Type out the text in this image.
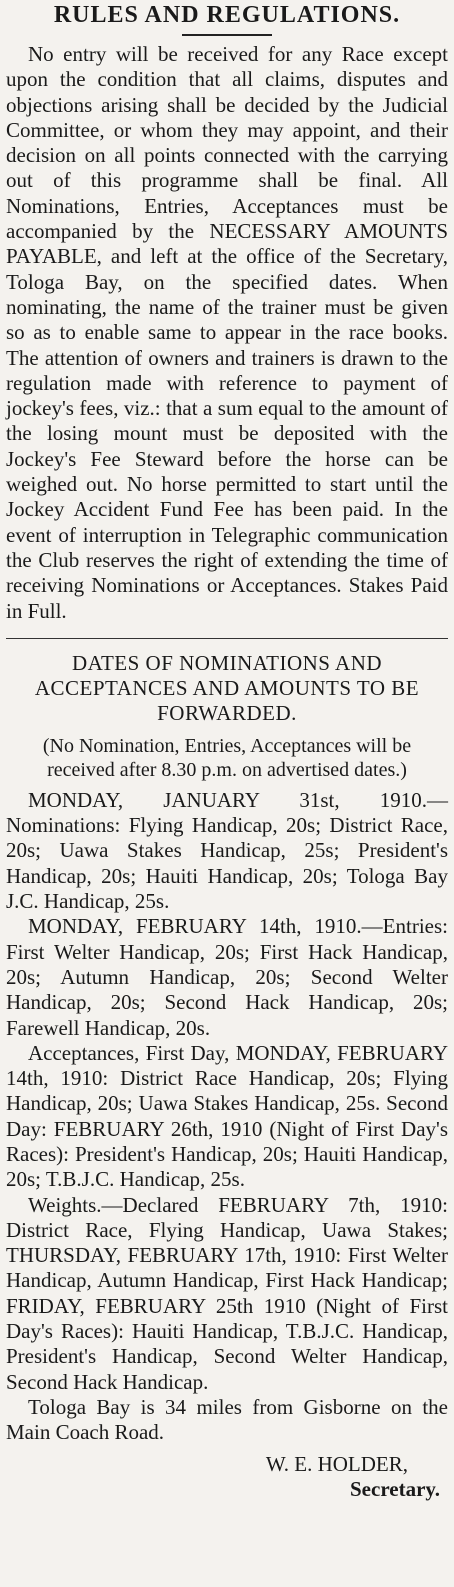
RULES AND REGULATIONS.

No entry will be received for any Race except upon the condition that all claims, disputes and objections arising shall be decided by the Judicial Committee, or whom they may appoint, and their decision on all points connected with the carrying out of this programme shall be final. All Nominations, Entries, Acceptances must be accompanied by the NECESSARY AMOUNTS PAYABLE, and left at the office of the Secretary, Tologa Bay, on the specified dates. When nominating, the name of the trainer must be given so as to enable same to appear in the race books. The attention of owners and trainers is drawn to the regulation made with reference to payment of jockey's fees, viz.: that a sum equal to the amount of the losing mount must be deposited with the Jockey's Fee Steward before the horse can be weighed out. No horse permitted to start until the Jockey Accident Fund Fee has been paid. In the event of interruption in Telegraphic communication the Club reserves the right of extending the time of receiving Nominations or Acceptances. Stakes Paid in Full.

DATES OF NOMINATIONS AND ACCEPTANCES AND AMOUNTS TO BE FORWARDED.

(No Nomination, Entries, Acceptances will be received after 8.30 p.m. on advertised dates.)

MONDAY, JANUARY 31st, 1910.—Nominations: Flying Handicap, 20s; District Race, 20s; Uawa Stakes Handicap, 25s; President's Handicap, 20s; Hauiti Handicap, 20s; Tologa Bay J.C. Handicap, 25s.

MONDAY, FEBRUARY 14th, 1910.—Entries: First Welter Handicap, 20s; First Hack Handicap, 20s; Autumn Handicap, 20s; Second Welter Handicap, 20s; Second Hack Handicap, 20s; Farewell Handicap, 20s.

Acceptances, First Day, MONDAY, FEBRUARY 14th, 1910: District Race Handicap, 20s; Flying Handicap, 20s; Uawa Stakes Handicap, 25s. Second Day: FEBRUARY 26th, 1910 (Night of First Day's Races): President's Handicap, 20s; Hauiti Handicap, 20s; T.B.J.C. Handicap, 25s.

Weights.—Declared FEBRUARY 7th, 1910: District Race, Flying Handicap, Uawa Stakes; THURSDAY, FEBRUARY 17th, 1910: First Welter Handicap, Autumn Handicap, First Hack Handicap; FRIDAY, FEBRUARY 25th 1910 (Night of First Day's Races): Hauiti Handicap, T.B.J.C. Handicap, President's Handicap, Second Welter Handicap, Second Hack Handicap.

Tologa Bay is 34 miles from Gisborne on the Main Coach Road.

W. E. HOLDER,

Secretary.
